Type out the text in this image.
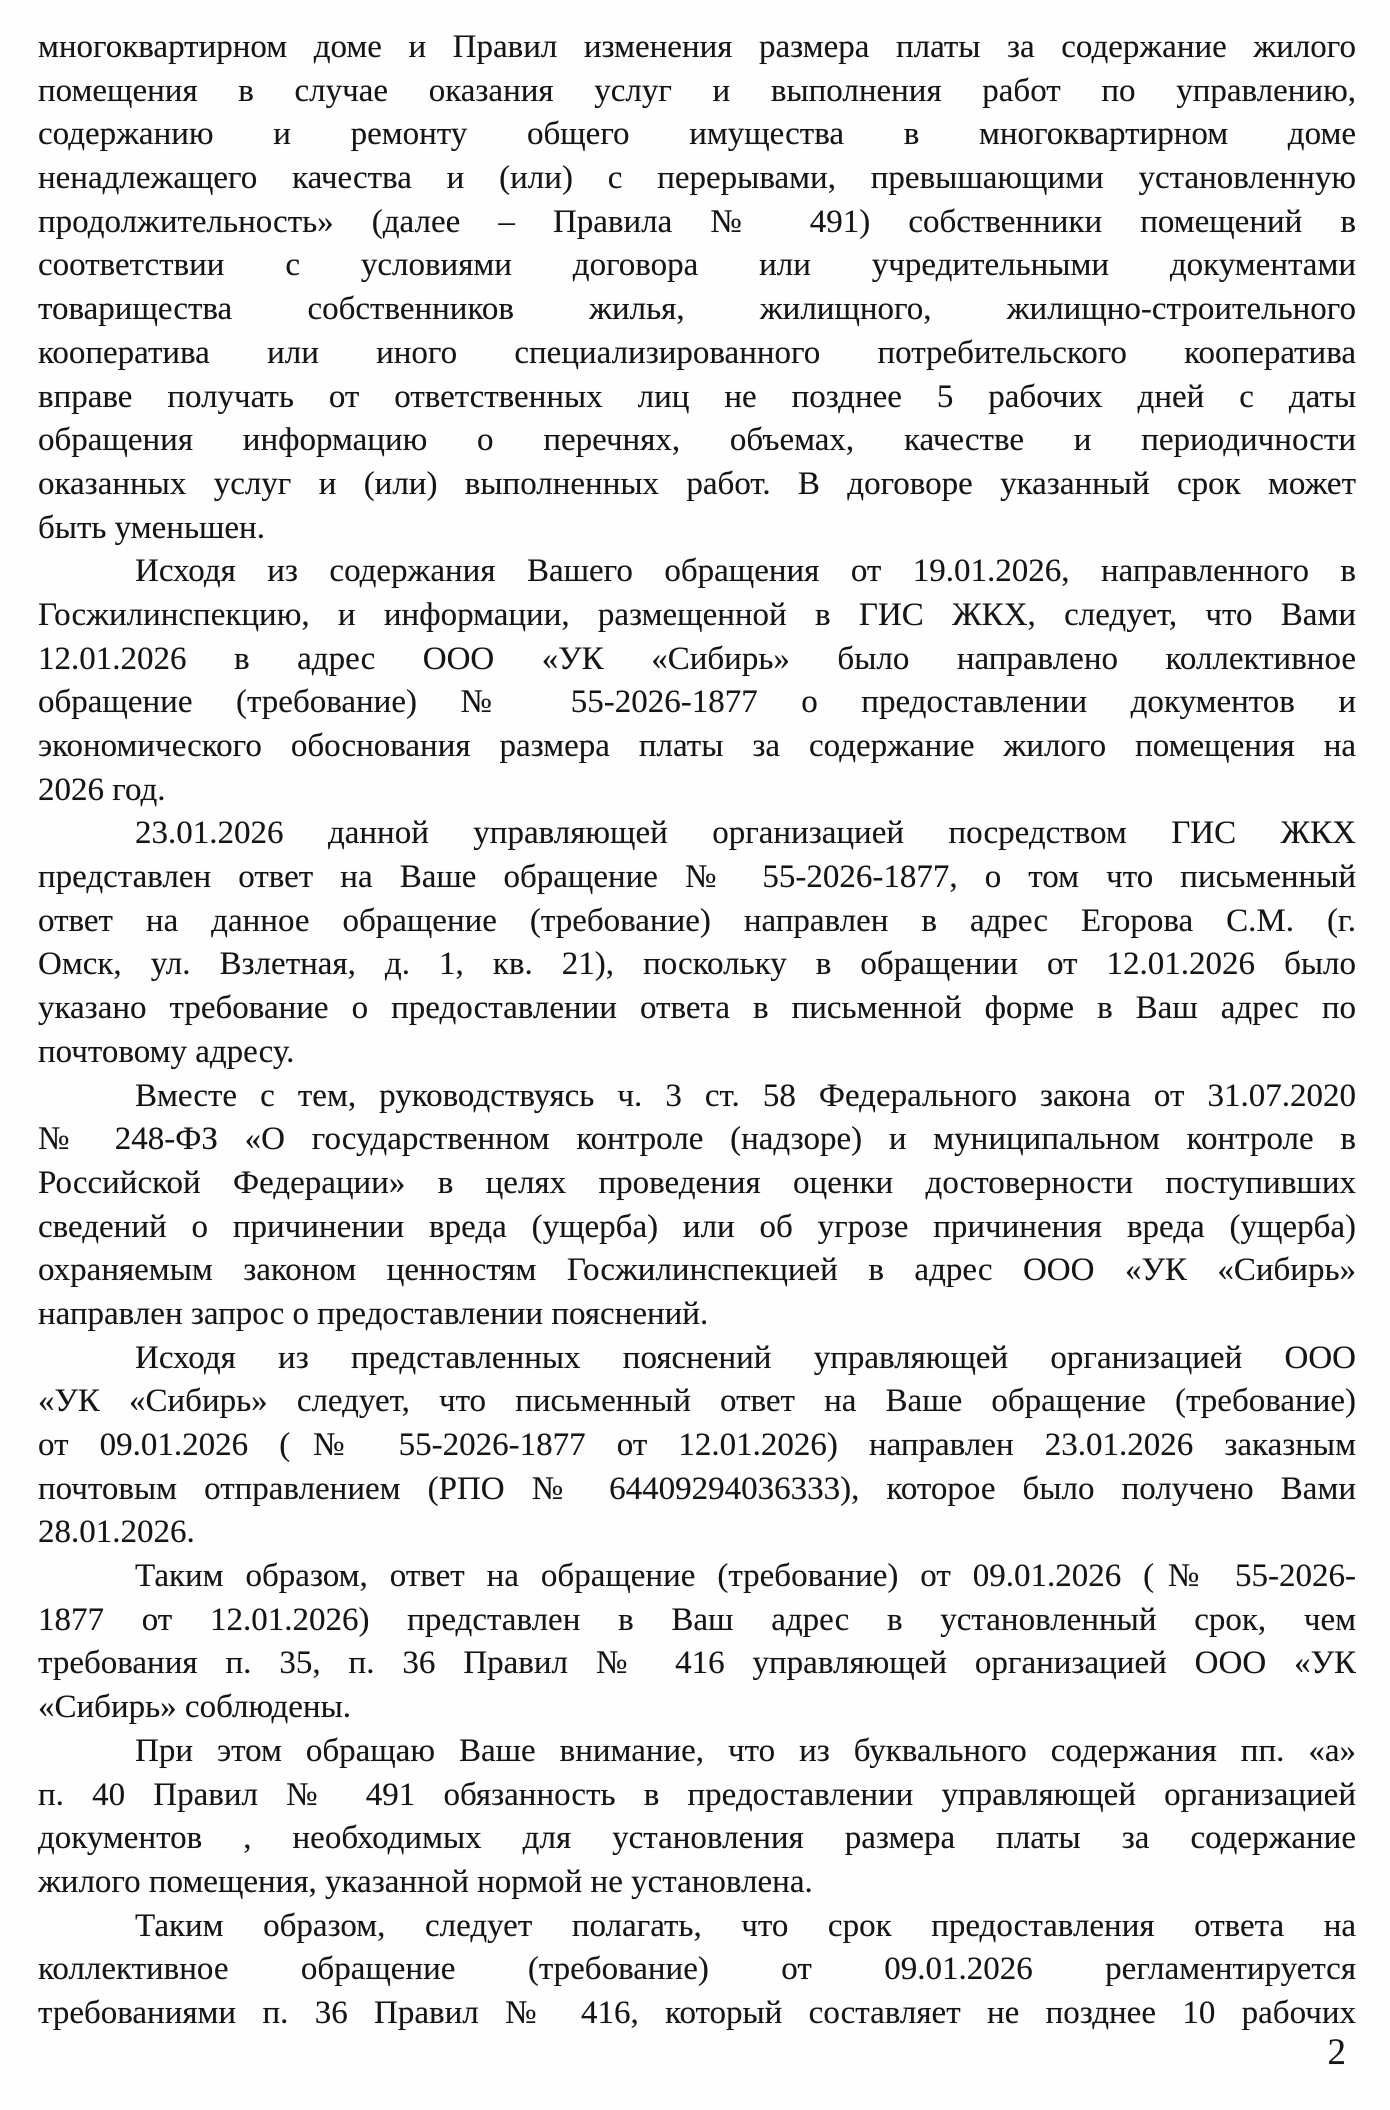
многоквартирном доме и Правил изменения размера платы за содержание жилого
помещения в случае оказания услуг и выполнения работ по управлению,
содержанию и ремонту общего имущества в многоквартирном доме
ненадлежащего качества и (или) с перерывами, превышающими установленную
продолжительность» (далее – Правила № 491) собственники помещений в
соответствии с условиями договора или учредительными документами
товарищества собственников жилья, жилищного, жилищно-строительного
кооператива или иного специализированного потребительского кооператива
вправе получать от ответственных лиц не позднее 5 рабочих дней с даты
обращения информацию о перечнях, объемах, качестве и периодичности
оказанных услуг и (или) выполненных работ. В договоре указанный срок может
быть уменьшен.
Исходя из содержания Вашего обращения от 19.01.2026, направленного в
Госжилинспекцию, и информации, размещенной в ГИС ЖКХ, следует, что Вами
12.01.2026 в адрес ООО «УК «Сибирь» было направлено коллективное
обращение (требование) № 55-2026-1877 о предоставлении документов и
экономического обоснования размера платы за содержание жилого помещения на
2026 год.
23.01.2026 данной управляющей организацией посредством ГИС ЖКХ
представлен ответ на Ваше обращение № 55-2026-1877, о том что письменный
ответ на данное обращение (требование) направлен в адрес Егорова С.М. (г.
Омск, ул. Взлетная, д. 1, кв. 21), поскольку в обращении от 12.01.2026 было
указано требование о предоставлении ответа в письменной форме в Ваш адрес по
почтовому адресу.
Вместе с тем, руководствуясь ч. 3 ст. 58 Федерального закона от 31.07.2020
№ 248-ФЗ «О государственном контроле (надзоре) и муниципальном контроле в
Российской Федерации» в целях проведения оценки достоверности поступивших
сведений о причинении вреда (ущерба) или об угрозе причинения вреда (ущерба)
охраняемым законом ценностям Госжилинспекцией в адрес ООО «УК «Сибирь»
направлен запрос о предоставлении пояснений.
Исходя из представленных пояснений управляющей организацией ООО
«УК «Сибирь» следует, что письменный ответ на Ваше обращение (требование)
от 09.01.2026 (№ 55-2026-1877 от 12.01.2026) направлен 23.01.2026 заказным
почтовым отправлением (РПО № 64409294036333), которое было получено Вами
28.01.2026.
Таким образом, ответ на обращение (требование) от 09.01.2026 (№ 55-2026-
1877 от 12.01.2026) представлен в Ваш адрес в установленный срок, чем
требования п. 35, п. 36 Правил № 416 управляющей организацией ООО «УК
«Сибирь» соблюдены.
При этом обращаю Ваше внимание, что из буквального содержания пп. «а»
п. 40 Правил № 491 обязанность в предоставлении управляющей организацией
документов , необходимых для установления размера платы за содержание
жилого помещения, указанной нормой не установлена.
Таким образом, следует полагать, что срок предоставления ответа на
коллективное обращение (требование) от 09.01.2026 регламентируется
требованиями п. 36 Правил № 416, который составляет не позднее 10 рабочих
2
